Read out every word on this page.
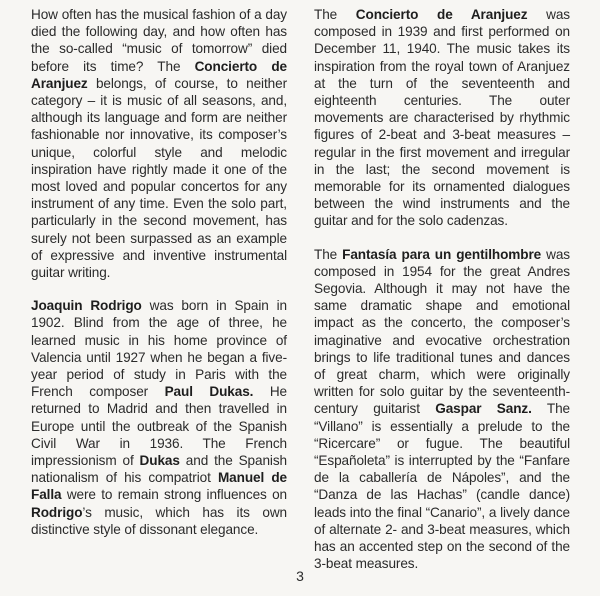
How often has the musical fashion of a day died the following day, and how often has the so-called “music of tomorrow” died before its time? The Concierto de Aranjuez belongs, of course, to neither category – it is music of all seasons, and, although its language and form are neither fashionable nor innovative, its composer’s unique, colorful style and melodic inspiration have rightly made it one of the most loved and popular concertos for any instrument of any time. Even the solo part, particularly in the second movement, has surely not been surpassed as an example of expressive and inventive instrumental guitar writing.

Joaquin Rodrigo was born in Spain in 1902. Blind from the age of three, he learned music in his home province of Valencia until 1927 when he began a five-year period of study in Paris with the French composer Paul Dukas. He returned to Madrid and then travelled in Europe until the outbreak of the Spanish Civil War in 1936. The French impressionism of Dukas and the Spanish nationalism of his compatriot Manuel de Falla were to remain strong influences on Rodrigo’s music, which has its own distinctive style of dissonant elegance.

The Concierto de Aranjuez was composed in 1939 and first performed on December 11, 1940. The music takes its inspiration from the royal town of Aranjuez at the turn of the seventeenth and eighteenth centuries. The outer movements are characterised by rhythmic figures of 2-beat and 3-beat measures – regular in the first movement and irregular in the last; the second movement is memorable for its ornamented dialogues between the wind instruments and the guitar and for the solo cadenzas.

The Fantasía para un gentilhombre was composed in 1954 for the great Andres Segovia. Although it may not have the same dramatic shape and emotional impact as the concerto, the composer’s imaginative and evocative orchestration brings to life traditional tunes and dances of great charm, which were originally written for solo guitar by the seventeenth-century guitarist Gaspar Sanz. The “Villano” is essentially a prelude to the “Ricercare” or fugue. The beautiful “Españoleta” is interrupted by the “Fanfare de la caballería de Nápoles”, and the “Danza de las Hachas” (candle dance) leads into the final “Canario”, a lively dance of alternate 2- and 3-beat measures, which has an accented step on the second of the 3-beat measures.

3
